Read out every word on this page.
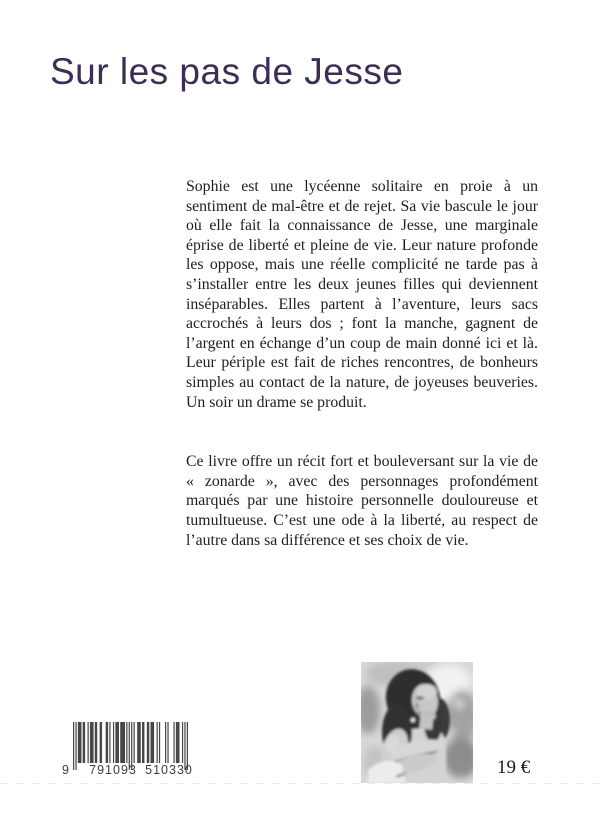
Sur les pas de Jesse

Sophie est une lycéenne solitaire en proie à un sentiment de mal-être et de rejet. Sa vie bascule le jour où elle fait la connaissance de Jesse, une marginale éprise de liberté et pleine de vie. Leur nature profonde les oppose, mais une réelle complicité ne tarde pas à s’installer entre les deux jeunes filles qui deviennent inséparables. Elles partent à l’aventure, leurs sacs accrochés à leurs dos ; font la manche, gagnent de l’argent en échange d’un coup de main donné ici et là. Leur périple est fait de riches rencontres, de bonheurs simples au contact de la nature, de joyeuses beuveries. Un soir un drame se produit.

Ce livre offre un récit fort et bouleversant sur la vie de « zonarde », avec des personnages profondément marqués par une histoire personnelle douloureuse et tumultueuse. C’est une ode à la liberté, au respect de l’autre dans sa différence et ses choix de vie.

9 791093 510330	19 €
